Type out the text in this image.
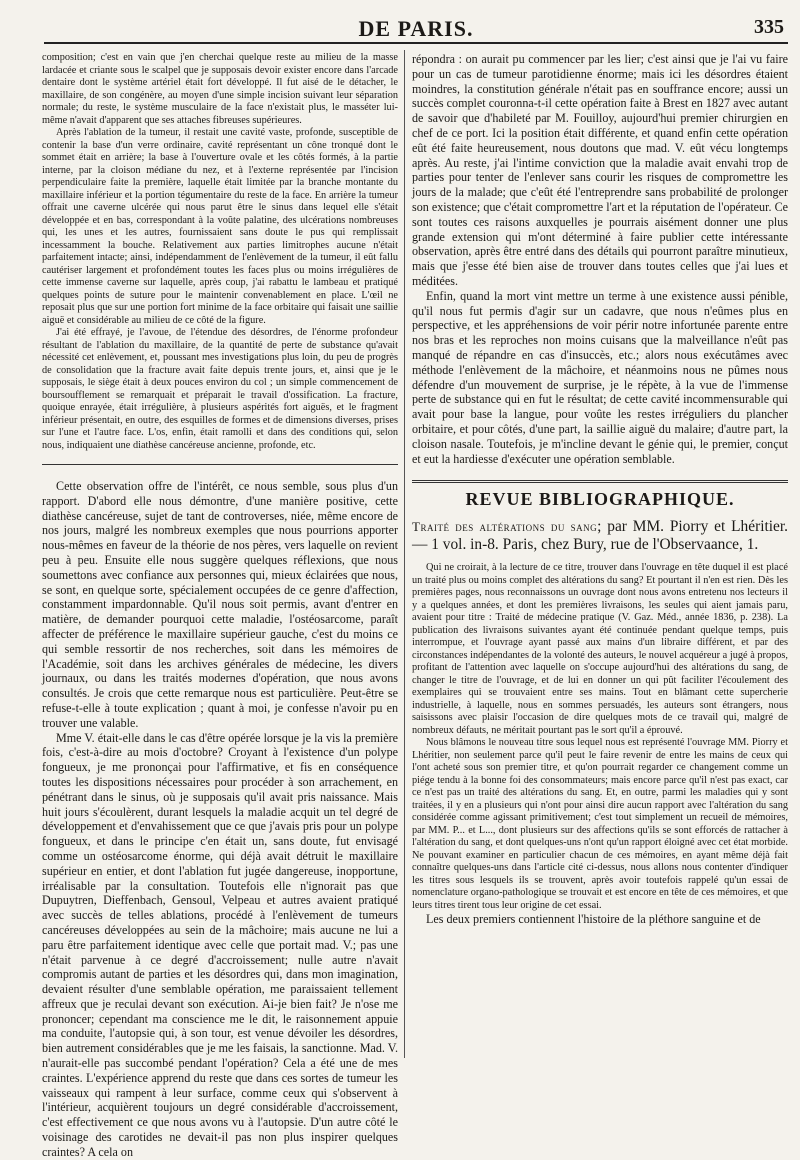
DE PARIS.	335

composition; c'est en vain que j'en cherchai quelque reste au milieu de la masse lardacée et criante sous le scalpel que je supposais devoir exister encore dans l'arcade dentaire dont le système artériel était fort développé. Il fut aisé de le détacher, le maxillaire, de son congénère, au moyen d'une simple incision suivant leur séparation normale; du reste, le système musculaire de la face n'existait plus, le masséter lui-même n'avait d'apparent que ses attaches fibreuses supérieures.

Après l'ablation de la tumeur, il restait une cavité vaste, profonde, susceptible de contenir la base d'un verre ordinaire, cavité représentant un cône tronqué dont le sommet était en arrière; la base à l'ouverture ovale et les côtés formés, à la partie interne, par la cloison médiane du nez, et à l'externe représentée par l'incision perpendiculaire faite la première, laquelle était limitée par la branche montante du maxillaire inférieur et la portion tégumentaire du reste de la face. En arrière la tumeur offrait une caverne ulcérée qui nous parut être le sinus dans lequel elle s'était développée et en bas, correspondant à la voûte palatine, des ulcérations nombreuses qui, les unes et les autres, fournissaient sans doute le pus qui remplissait incessamment la bouche. Relativement aux parties limitrophes aucune n'était parfaitement intacte; ainsi, indépendamment de l'enlèvement de la tumeur, il eût fallu cautériser largement et profondément toutes les faces plus ou moins irrégulières de cette immense caverne sur laquelle, après coup, j'ai rabattu le lambeau et pratiqué quelques points de suture pour le maintenir convenablement en place. L'œil ne reposait plus que sur une portion fort minime de la face orbitaire qui faisait une saillie aiguë et considérable au milieu de ce côté de la figure.

J'ai été effrayé, je l'avoue, de l'étendue des désordres, de l'énorme profondeur résultant de l'ablation du maxillaire, de la quantité de perte de substance qu'avait nécessité cet enlèvement, et, poussant mes investigations plus loin, du peu de progrès de consolidation que la fracture avait faite depuis trente jours, et, ainsi que je le supposais, le siège était à deux pouces environ du col ; un simple commencement de boursoufflement se remarquait et préparait le travail d'ossification. La fracture, quoique enrayée, était irrégulière, à plusieurs aspérités fort aiguës, et le fragment inférieur présentait, en outre, des esquilles de formes et de dimensions diverses, prises sur l'une et l'autre face. L'os, enfin, était ramolli et dans des conditions qui, selon nous, indiquaient une diathèse cancéreuse ancienne, profonde, etc.

Cette observation offre de l'intérêt, ce nous semble, sous plus d'un rapport. D'abord elle nous démontre, d'une manière positive, cette diathèse cancéreuse, sujet de tant de controverses, niée, même encore de nos jours, malgré les nombreux exemples que nous pourrions apporter nous-mêmes en faveur de la théorie de nos pères, vers laquelle on revient peu à peu. Ensuite elle nous suggère quelques réflexions, que nous soumettons avec confiance aux personnes qui, mieux éclairées que nous, se sont, en quelque sorte, spécialement occupées de ce genre d'affection, constamment impardonnable. Qu'il nous soit permis, avant d'entrer en matière, de demander pourquoi cette maladie, l'ostéosarcome, paraît affecter de préférence le maxillaire supérieur gauche, c'est du moins ce qui semble ressortir de nos recherches, soit dans les mémoires de l'Académie, soit dans les archives générales de médecine, les divers journaux, ou dans les traités modernes d'opération, que nous avons consultés. Je crois que cette remarque nous est particulière. Peut-être se refuse-t-elle à toute explication ; quant à moi, je confesse n'avoir pu en trouver une valable.

Mme V. était-elle dans le cas d'être opérée lorsque je la vis la première fois, c'est-à-dire au mois d'octobre? Croyant à l'existence d'un polype fongueux, je me prononçai pour l'affirmative, et fis en conséquence toutes les dispositions nécessaires pour procéder à son arrachement, en pénétrant dans le sinus, où je supposais qu'il avait pris naissance. Mais huit jours s'écoulèrent, durant lesquels la maladie acquit un tel degré de développement et d'envahissement que ce que j'avais pris pour un polype fongueux, et dans le principe c'en était un, sans doute, fut envisagé comme un ostéosarcome énorme, qui déjà avait détruit le maxillaire supérieur en entier, et dont l'ablation fut jugée dangereuse, inopportune, irréalisable par la consultation. Toutefois elle n'ignorait pas que Dupuytren, Dieffenbach, Gensoul, Velpeau et autres avaient pratiqué avec succès de telles ablations, procédé à l'enlèvement de tumeurs cancéreuses développées au sein de la mâchoire; mais aucune ne lui a paru être parfaitement identique avec celle que portait mad. V.; pas une n'était parvenue à ce degré d'accroissement; nulle autre n'avait compromis autant de parties et les désordres qui, dans mon imagination, devaient résulter d'une semblable opération, me paraissaient tellement affreux que je reculai devant son exécution. Ai-je bien fait? Je n'ose me prononcer; cependant ma conscience me le dit, le raisonnement appuie ma conduite, l'autopsie qui, à son tour, est venue dévoiler les désordres, bien autrement considérables que je me les faisais, la sanctionne. Mad. V. n'aurait-elle pas succombé pendant l'opération? Cela a été une de mes craintes. L'expérience apprend du reste que dans ces sortes de tumeur les vaisseaux qui rampent à leur surface, comme ceux qui s'observent à l'intérieur, acquièrent toujours un degré considérable d'accroissement, c'est effectivement ce que nous avons vu à l'autopsie. D'un autre côté le voisinage des carotides ne devait-il pas non plus inspirer quelques craintes? A cela on

répondra : on aurait pu commencer par les lier; c'est ainsi que je l'ai vu faire pour un cas de tumeur parotidienne énorme; mais ici les désordres étaient moindres, la constitution générale n'était pas en souffrance encore; aussi un succès complet couronna-t-il cette opération faite à Brest en 1827 avec autant de savoir que d'habileté par M. Fouilloy, aujourd'hui premier chirurgien en chef de ce port. Ici la position était différente, et quand enfin cette opération eût été faite heureusement, nous doutons que mad. V. eût vécu longtemps après. Au reste, j'ai l'intime conviction que la maladie avait envahi trop de parties pour tenter de l'enlever sans courir les risques de compromettre les jours de la malade; que c'eût été l'entreprendre sans probabilité de prolonger son existence; que c'était compromettre l'art et la réputation de l'opérateur. Ce sont toutes ces raisons auxquelles je pourrais aisément donner une plus grande extension qui m'ont déterminé à faire publier cette intéressante observation, après être entré dans des détails qui pourront paraître minutieux, mais que j'esse été bien aise de trouver dans toutes celles que j'ai lues et méditées.

Enfin, quand la mort vint mettre un terme à une existence aussi pénible, qu'il nous fut permis d'agir sur un cadavre, que nous n'eûmes plus en perspective, et les appréhensions de voir périr notre infortunée parente entre nos bras et les reproches non moins cuisans que la malveillance n'eût pas manqué de répandre en cas d'insuccès, etc.; alors nous exécutâmes avec méthode l'enlèvement de la mâchoire, et néanmoins nous ne pûmes nous défendre d'un mouvement de surprise, je le répète, à la vue de l'immense perte de substance qui en fut le résultat; de cette cavité incommensurable qui avait pour base la langue, pour voûte les restes irréguliers du plancher orbitaire, et pour côtés, d'une part, la saillie aiguë du malaire; d'autre part, la cloison nasale. Toutefois, je m'incline devant le génie qui, le premier, conçut et eut la hardiesse d'exécuter une opération semblable.

REVUE BIBLIOGRAPHIQUE.

Traité des altérations du sang; par MM. Piorry et Lhéritier. — 1 vol. in-8. Paris, chez Bury, rue de l'Observaance, 1.

Qui ne croirait, à la lecture de ce titre, trouver dans l'ouvrage en tête duquel il est placé un traité plus ou moins complet des altérations du sang? Et pourtant il n'en est rien. Dès les premières pages, nous reconnaissons un ouvrage dont nous avons entretenu nos lecteurs il y a quelques années, et dont les premières livraisons, les seules qui aient jamais paru, avaient pour titre : Traité de médecine pratique (V. Gaz. Méd., année 1836, p. 238). La publication des livraisons suivantes ayant été continuée pendant quelque temps, puis interrompue, et l'ouvrage ayant passé aux mains d'un libraire différent, et par des circonstances indépendantes de la volonté des auteurs, le nouvel acquéreur a jugé à propos, profitant de l'attention avec laquelle on s'occupe aujourd'hui des altérations du sang, de changer le titre de l'ouvrage, et de lui en donner un qui pût faciliter l'écoulement des exemplaires qui se trouvaient entre ses mains. Tout en blâmant cette supercherie industrielle, à laquelle, nous en sommes persuadés, les auteurs sont étrangers, nous saisissons avec plaisir l'occasion de dire quelques mots de ce travail qui, malgré de nombreux défauts, ne méritait pourtant pas le sort qu'il a éprouvé.

Nous blâmons le nouveau titre sous lequel nous est représenté l'ouvrage MM. Piorry et Lhéritier, non seulement parce qu'il peut le faire revenir de entre les mains de ceux qui l'ont acheté sous son premier titre, et qu'on pourrait regarder ce changement comme un piége tendu à la bonne foi des consommateurs; mais encore parce qu'il n'est pas exact, car ce n'est pas un traité des altérations du sang. Et, en outre, parmi les maladies qui y sont traitées, il y en a plusieurs qui n'ont pour ainsi dire aucun rapport avec l'altération du sang considérée comme agissant primitivement; c'est tout simplement un recueil de mémoires, par MM. P... et L..., dont plusieurs sur des affections qu'ils se sont efforcés de rattacher à l'altération du sang, et dont quelques-uns n'ont qu'un rapport éloigné avec cet état morbide. Ne pouvant examiner en particulier chacun de ces mémoires, en ayant même déjà fait connaître quelques-uns dans l'article cité ci-dessus, nous allons nous contenter d'indiquer les titres sous lesquels ils se trouvent, après avoir toutefois rappelé qu'un essai de nomenclature organo-pathologique se trouvait et est encore en tête de ces mémoires, et que leurs titres tirent tous leur origine de cet essai.

Les deux premiers contiennent l'histoire de la pléthore sanguine et de
